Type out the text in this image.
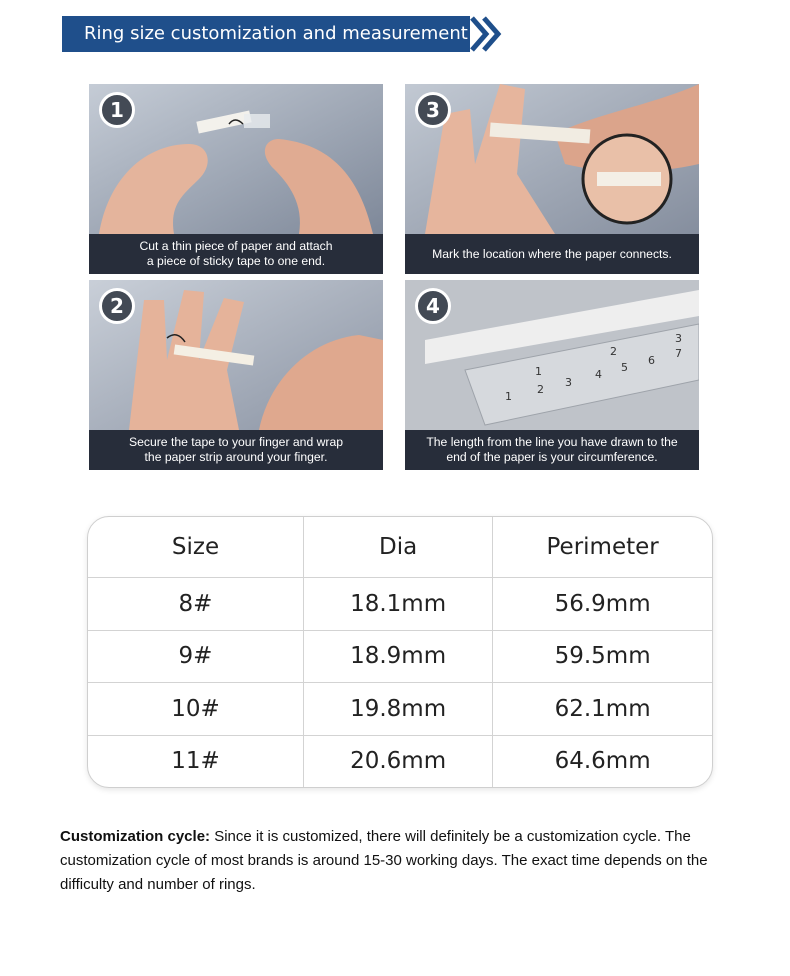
Ring size customization and measurement
1
Cut a thin piece of paper and attach
a piece of sticky tape to one end.
2
Secure the tape to your finger and wrap
the paper strip around your finger.
3
Mark the location where the paper connects.
1
2
3
1
2
3
4
5
6
7
4
The length from the line you have drawn to the
end of the paper is your circumference.
Size	Dia	Perimeter
8#	18.1mm	56.9mm
9#	18.9mm	59.5mm
10#	19.8mm	62.1mm
11#	20.6mm	64.6mm
Customization cycle: Since it is customized, there will definitely be a customization cycle. The customization cycle of most brands is around 15-30 working days. The exact time depends on the difficulty and number of rings.
